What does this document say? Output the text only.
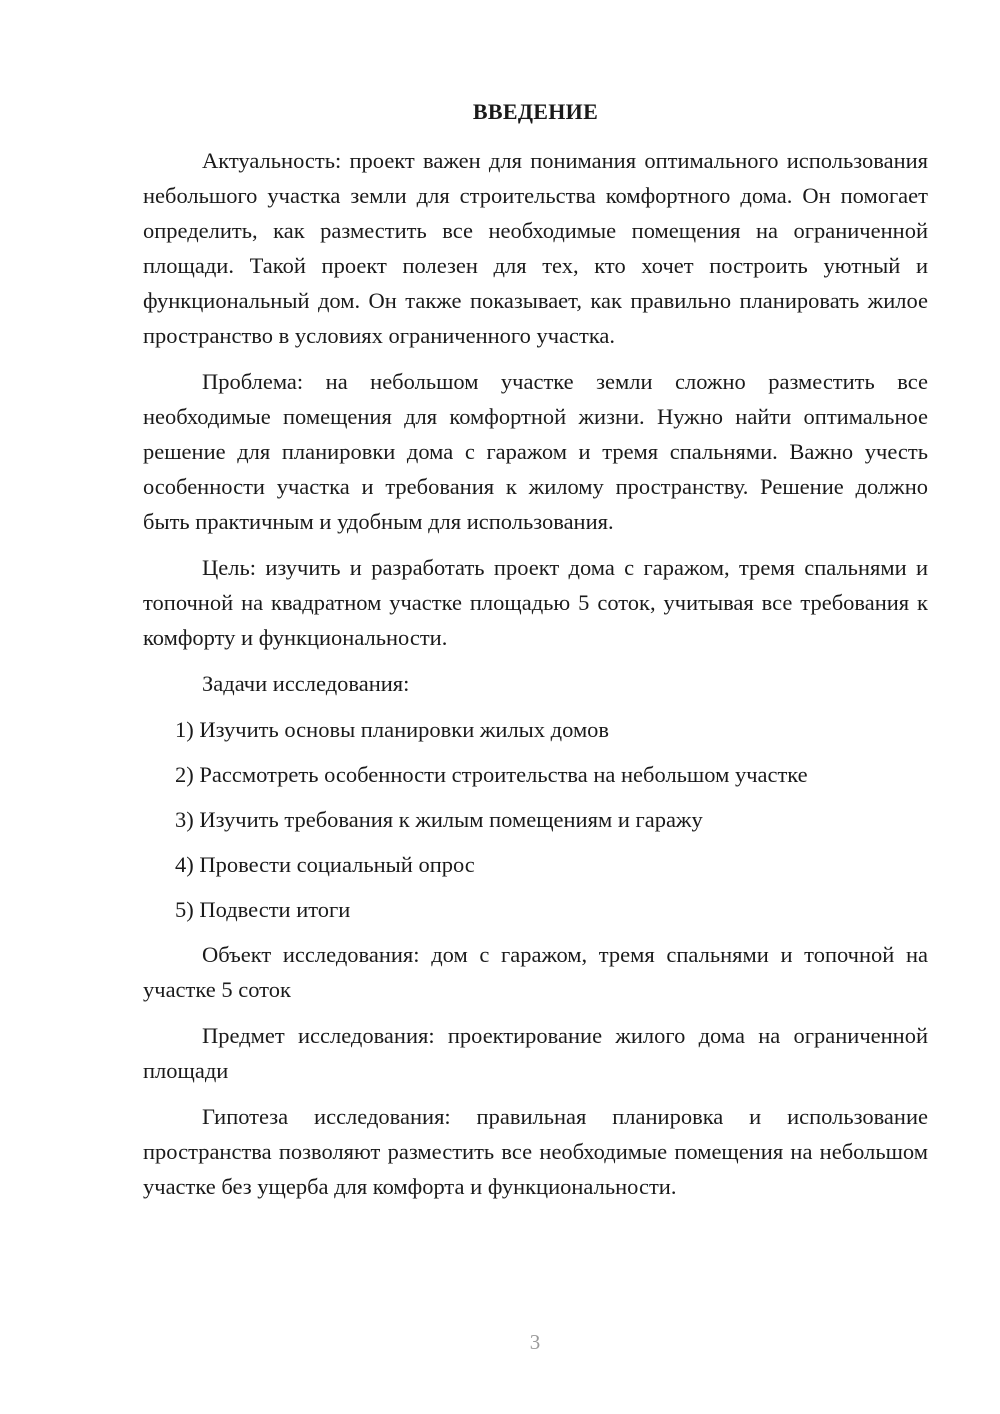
ВВЕДЕНИЕ

Актуальность: проект важен для понимания оптимального использования небольшого участка земли для строительства комфортного дома. Он помогает определить, как разместить все необходимые помещения на ограниченной площади. Такой проект полезен для тех, кто хочет построить уютный и функциональный дом. Он также показывает, как правильно планировать жилое пространство в условиях ограниченного участка.

Проблема: на небольшом участке земли сложно разместить все необходимые помещения для комфортной жизни. Нужно найти оптимальное решение для планировки дома с гаражом и тремя спальнями. Важно учесть особенности участка и требования к жилому пространству. Решение должно быть практичным и удобным для использования.

Цель: изучить и разработать проект дома с гаражом, тремя спальнями и топочной на квадратном участке площадью 5 соток, учитывая все требования к комфорту и функциональности.

Задачи исследования:

1) Изучить основы планировки жилых домов
2) Рассмотреть особенности строительства на небольшом участке
3) Изучить требования к жилым помещениям и гаражу
4) Провести социальный опрос
5) Подвести итоги

Объект исследования: дом с гаражом, тремя спальнями и топочной на участке 5 соток

Предмет исследования: проектирование жилого дома на ограниченной площади

Гипотеза исследования: правильная планировка и использование пространства позволяют разместить все необходимые помещения на небольшом участке без ущерба для комфорта и функциональности.

3
